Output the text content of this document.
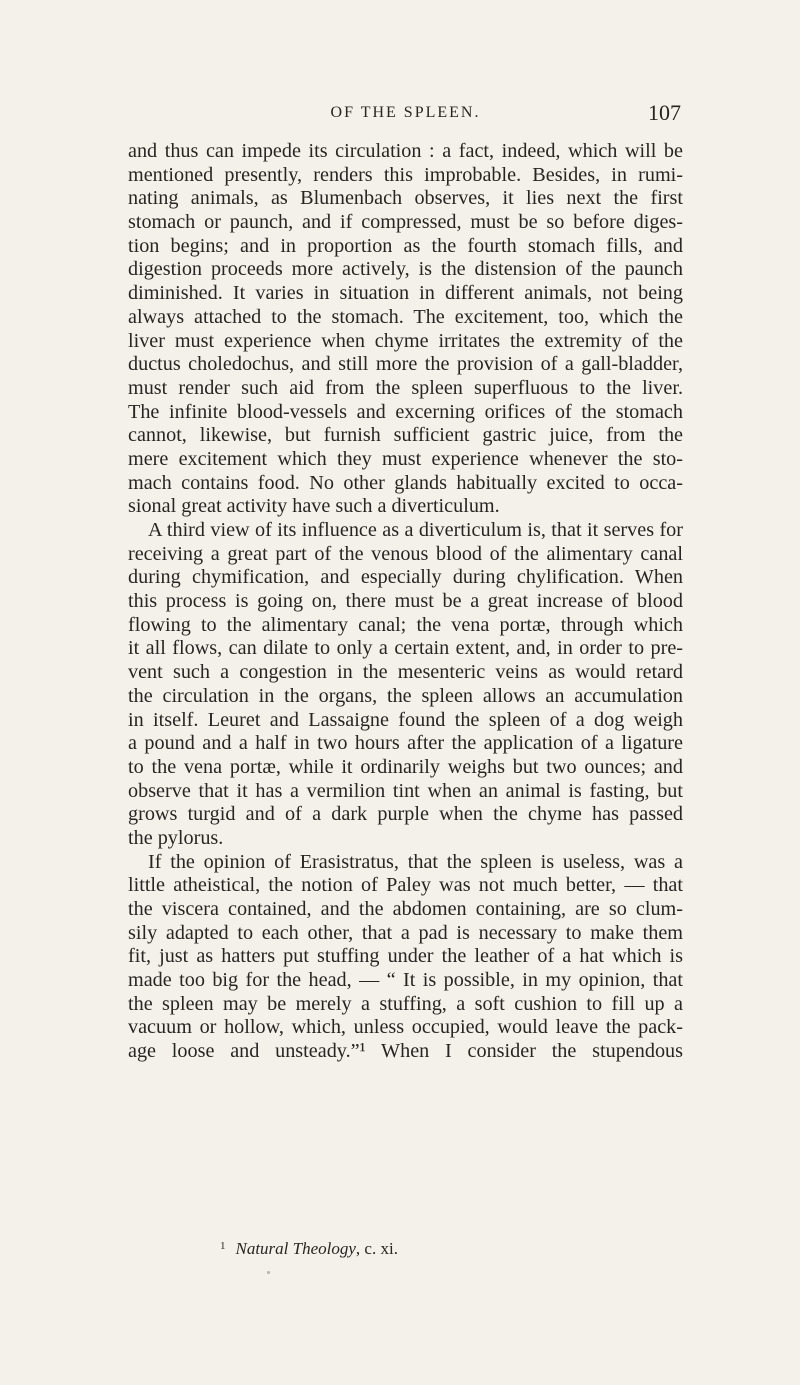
OF THE SPLEEN.	107
and thus can impede its circulation : a fact, indeed, which will be
mentioned presently, renders this improbable. Besides, in rumi-
nating animals, as Blumenbach observes, it lies next the first
stomach or paunch, and if compressed, must be so before diges-
tion begins; and in proportion as the fourth stomach fills, and
digestion proceeds more actively, is the distension of the paunch
diminished. It varies in situation in different animals, not being
always attached to the stomach. The excitement, too, which the
liver must experience when chyme irritates the extremity of the
ductus choledochus, and still more the provision of a gall-bladder,
must render such aid from the spleen superfluous to the liver.
The infinite blood-vessels and excerning orifices of the stomach
cannot, likewise, but furnish sufficient gastric juice, from the
mere excitement which they must experience whenever the sto-
mach contains food. No other glands habitually excited to occa-
sional great activity have such a diverticulum.
A third view of its influence as a diverticulum is, that it serves for
receiving a great part of the venous blood of the alimentary canal
during chymification, and especially during chylification. When
this process is going on, there must be a great increase of blood
flowing to the alimentary canal; the vena portæ, through which
it all flows, can dilate to only a certain extent, and, in order to pre-
vent such a congestion in the mesenteric veins as would retard
the circulation in the organs, the spleen allows an accumulation
in itself. Leuret and Lassaigne found the spleen of a dog weigh
a pound and a half in two hours after the application of a ligature
to the vena portæ, while it ordinarily weighs but two ounces; and
observe that it has a vermilion tint when an animal is fasting, but
grows turgid and of a dark purple when the chyme has passed
the pylorus.
If the opinion of Erasistratus, that the spleen is useless, was a
little atheistical, the notion of Paley was not much better, — that
the viscera contained, and the abdomen containing, are so clum-
sily adapted to each other, that a pad is necessary to make them
fit, just as hatters put stuffing under the leather of a hat which is
made too big for the head, — “ It is possible, in my opinion, that
the spleen may be merely a stuffing, a soft cushion to fill up a
vacuum or hollow, which, unless occupied, would leave the pack-
age loose and unsteady.”¹ When I consider the stupendous
$^1$ Natural Theology, c. xi.
